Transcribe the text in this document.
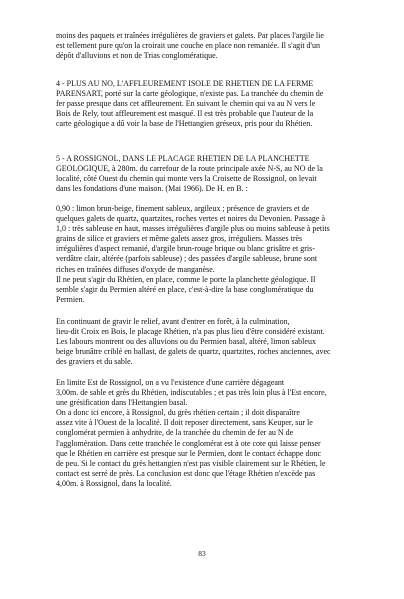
moins des paquets et traînées irrégulières de graviers et galets. Par places l'argile lie
est tellement pure qu'on la croirait une couche en place non remaniée. Il s'agit d'un
dépôt d'alluvions et non de Trias conglomératique.

4 - PLUS AU NO, L'AFFLEUREMENT ISOLE DE RHETIEN DE LA FERME
PARENSART, porté sur la carte géologique, n'existe pas. La tranchée du chemin de
fer passe presque dans cet affleurement. En suivant le chemin qui va au N vers le
Bois de Rely, tout affleurement est masqué. Il est très probable que l'auteur de la
carte géologique a dû voir la base de l'Hettangien gréseux, pris pour du Rhétien.

5 - A ROSSIGNOL, DANS LE PLACAGE RHETIEN DE LA PLANCHETTE
GEOLOGIQUE, à 280m. du carrefour de la route principale axée N-S, au NO de la
localité, côté Ouest du chemin qui monte vers la Croisette de Rossignol, on levait
dans les fondations d'une maison. (Mai 1966). De H. en B. :

0,90 : limon brun-beige, finement sableux, argileux ; présence de graviers et de
quelques galets de quartz, quartzites, roches vertes et noires du Devonien. Passage à
1,0 : très sableuse en haut, masses irrégulières d'argile plus ou moins sableuse à petits
grains de silice et graviers et même galets assez gros, irréguliers. Masses très
irrégulières d'aspect remanié, d'argile brun-rouge brique ou blanc grisâtre et gris-
verdâtre clair, altérée (parfois sableuse) ; des passées d'argile sableuse, brune sont
riches en traînées diffuses d'oxyde de manganèse.
Il ne peut s'agir du Rhétien, en place, comme le porte la planchette géologique. Il
semble s'agir du Permien altéré en place, c'est-à-dire la base conglomératique du
Permien.

En continuant de gravir le relief, avant d'entrer en forêt, à la culmination,
lieu-dit Croix en Bois, le placage Rhétien, n'a pas plus lieu d'être considéré existant.
Les labours montrent ou des alluvions ou du Permien basal, altéré, limon sableux
beige brunâtre criblé en ballast, de galets de quartz, quartzites, roches anciennes, avec
des graviers et du sable.

En limite Est de Rossignol, on a vu l'existence d'une carrière dégageant
3,00m. de sable et grès du Rhétien, indiscutables ; et pas très loin plus à l'Est encore,
une grésification dans l'Hettangien basal.
On a donc ici encore, à Rossignol, du grès rhétien certain ; il doit disparaître
assez vite à l'Ouest de la localité. Il doit reposer directement, sans Keuper, sur le
conglomérat permien à anhydrite, de la tranchée du chemin de fer au N de
l'agglomération. Dans cette tranchée le conglomérat est à ote cote qui laisse penser
que le Rhétien en carrière est presque sur le Permien, dont le contact échappe donc
de peu. Si le contact du grès hettangien n'est pas visible clairement sur le Rhétien, le
contact est serré de près. La conclusion est donc que l'étage Rhétien n'excède pas
4,00m. à Rossignol, dans la localité.

83
